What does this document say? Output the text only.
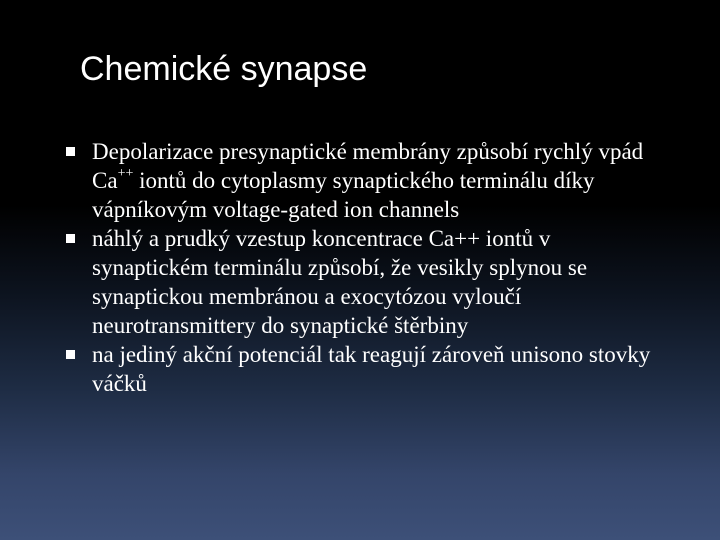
Chemické synapse
Depolarizace presynaptické membrány způsobí rychlý vpád Ca++ iontů do cytoplasmy synaptického terminálu díky vápníkovým voltage-gated ion channels
náhlý a prudký vzestup koncentrace Ca++ iontů v synaptickém terminálu způsobí, že vesikly splynou se synaptickou membránou a exocytózou vyloučí neurotransmittery do synaptické štěrbiny
na jediný akční potenciál tak reagují zároveň unisono stovky váčků
